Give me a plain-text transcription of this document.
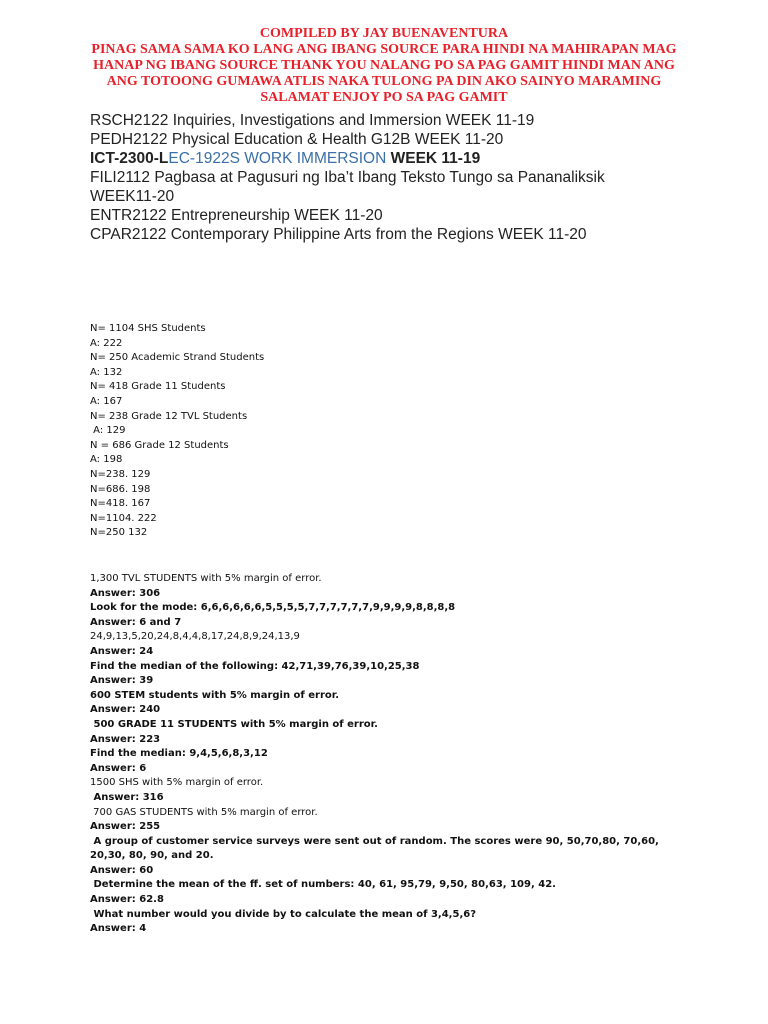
COMPILED BY JAY BUENAVENTURA
PINAG SAMA SAMA KO LANG ANG IBANG SOURCE PARA HINDI NA MAHIRAPAN MAG
HANAP NG IBANG SOURCE THANK YOU NALANG PO SA PAG GAMIT HINDI MAN ANG
ANG TOTOONG GUMAWA ATLIS NAKA TULONG PA DIN AKO SAINYO MARAMING
SALAMAT ENJOY PO SA PAG GAMIT
RSCH2122 Inquiries, Investigations and Immersion WEEK 11-19
PEDH2122 Physical Education & Health G12B WEEK 11-20
ICT-2300-LEC-1922S WORK IMMERSION WEEK 11-19
FILI2112 Pagbasa at Pagusuri ng Iba’t Ibang Teksto Tungo sa Pananaliksik
WEEK11-20
ENTR2122 Entrepreneurship WEEK 11-20
CPAR2122 Contemporary Philippine Arts from the Regions WEEK 11-20
N= 1104 SHS Students
A: 222
N= 250 Academic Strand Students
A: 132
N= 418 Grade 11 Students
A: 167
N= 238 Grade 12 TVL Students
A: 129
N = 686 Grade 12 Students
A: 198
N=238. 129
N=686. 198
N=418. 167
N=1104. 222
N=250 132
1,300 TVL STUDENTS with 5% margin of error.
Answer: 306
Look for the mode: 6,6,6,6,6,6,5,5,5,5,7,7,7,7,7,7,9,9,9,9,8,8,8,8
Answer: 6 and 7
24,9,13,5,20,24,8,4,4,8,17,24,8,9,24,13,9
Answer: 24
Find the median of the following: 42,71,39,76,39,10,25,38
Answer: 39
600 STEM students with 5% margin of error.
Answer: 240
500 GRADE 11 STUDENTS with 5% margin of error.
Answer: 223
Find the median: 9,4,5,6,8,3,12
Answer: 6
1500 SHS with 5% margin of error.
Answer: 316
700 GAS STUDENTS with 5% margin of error.
Answer: 255
A group of customer service surveys were sent out of random. The scores were 90, 50,70,80, 70,60,
20,30, 80, 90, and 20.
Answer: 60
Determine the mean of the ff. set of numbers: 40, 61, 95,79, 9,50, 80,63, 109, 42.
Answer: 62.8
What number would you divide by to calculate the mean of 3,4,5,6?
Answer: 4
